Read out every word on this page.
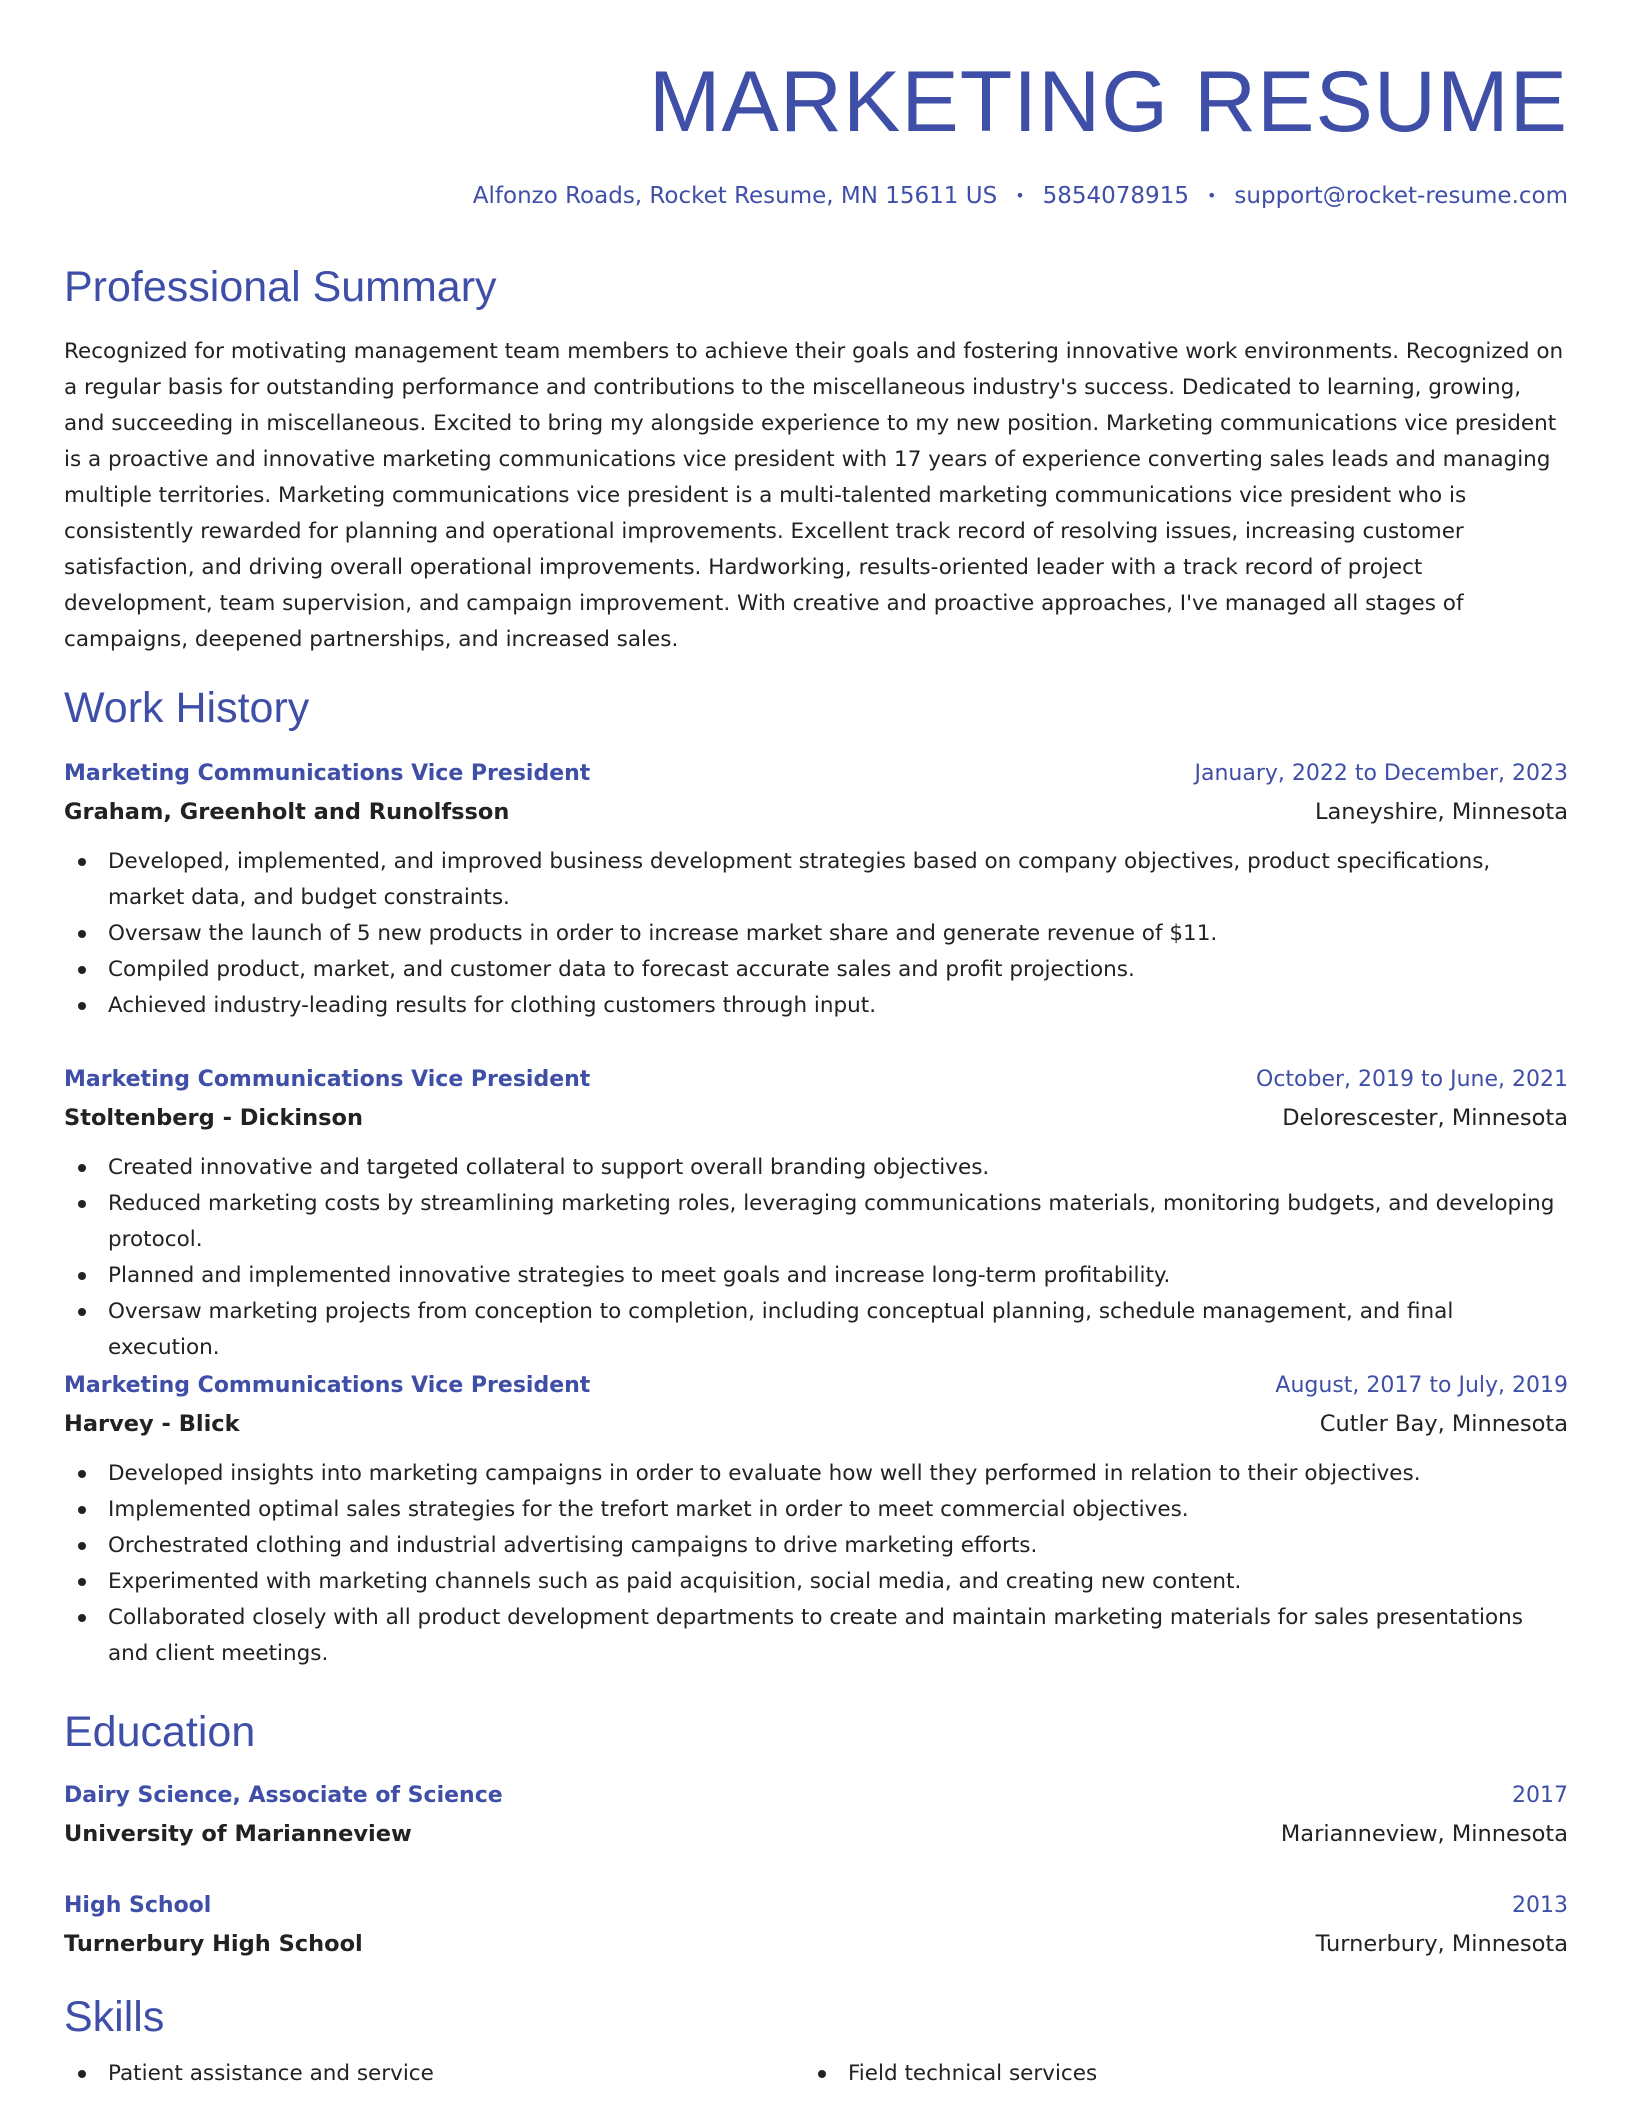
MARKETING RESUME
Alfonzo Roads, Rocket Resume, MN 15611 US • 5854078915 • support@rocket-resume.com
Professional Summary

Recognized for motivating management team members to achieve their goals and fostering innovative work environments. Recognized on a regular basis for outstanding performance and contributions to the miscellaneous industry's success. Dedicated to learning, growing, and succeeding in miscellaneous. Excited to bring my alongside experience to my new position. Marketing communications vice president is a proactive and innovative marketing communications vice president with 17 years of experience converting sales leads and managing multiple territories. Marketing communications vice president is a multi-talented marketing communications vice president who is consistently rewarded for planning and operational improvements. Excellent track record of resolving issues, increasing customer satisfaction, and driving overall operational improvements. Hardworking, results-oriented leader with a track record of project development, team supervision, and campaign improvement. With creative and proactive approaches, I've managed all stages of campaigns, deepened partnerships, and increased sales.

Work History
Marketing Communications Vice President	January, 2022 to December, 2023
Graham, Greenholt and Runolfsson	Laneyshire, Minnesota
Developed, implemented, and improved business development strategies based on company objectives, product specifications, market data, and budget constraints.
Oversaw the launch of 5 new products in order to increase market share and generate revenue of $11.
Compiled product, market, and customer data to forecast accurate sales and profit projections.
Achieved industry-leading results for clothing customers through input.
Marketing Communications Vice President	October, 2019 to June, 2021
Stoltenberg - Dickinson	Delorescester, Minnesota
Created innovative and targeted collateral to support overall branding objectives.
Reduced marketing costs by streamlining marketing roles, leveraging communications materials, monitoring budgets, and developing protocol.
Planned and implemented innovative strategies to meet goals and increase long-term profitability.
Oversaw marketing projects from conception to completion, including conceptual planning, schedule management, and final execution.
Marketing Communications Vice President	August, 2017 to July, 2019
Harvey - Blick	Cutler Bay, Minnesota
Developed insights into marketing campaigns in order to evaluate how well they performed in relation to their objectives.
Implemented optimal sales strategies for the trefort market in order to meet commercial objectives.
Orchestrated clothing and industrial advertising campaigns to drive marketing efforts.
Experimented with marketing channels such as paid acquisition, social media, and creating new content.
Collaborated closely with all product development departments to create and maintain marketing materials for sales presentations and client meetings.
Education
Dairy Science, Associate of Science	2017
University of Marianneview	Marianneview, Minnesota
High School	2013
Turnerbury High School	Turnerbury, Minnesota
Skills
Patient assistance and service	Field technical services
